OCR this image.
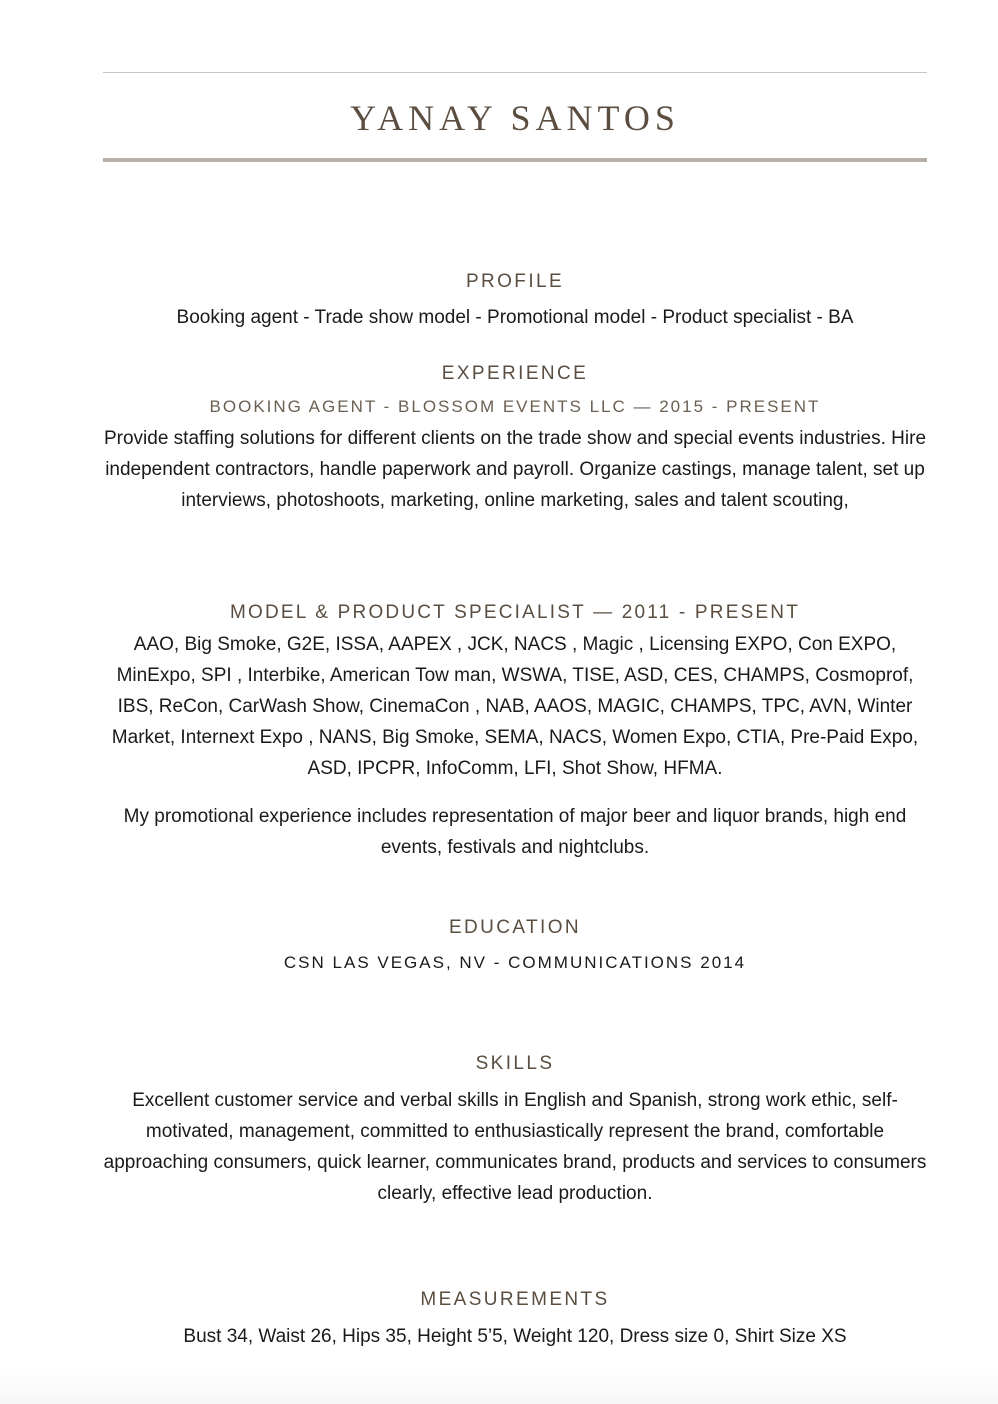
YANAY SANTOS
PROFILE

Booking agent - Trade show model - Promotional model - Product specialist - BA

EXPERIENCE

BOOKING AGENT - BLOSSOM EVENTS LLC — 2015 - PRESENT

Provide staffing solutions for different clients on the trade show and special events industries. Hire independent contractors, handle paperwork and payroll. Organize castings, manage talent, set up interviews, photoshoots, marketing, online marketing, sales and talent scouting,

MODEL & PRODUCT SPECIALIST — 2011 - PRESENT

AAO, Big Smoke, G2E, ISSA, AAPEX , JCK, NACS , Magic , Licensing EXPO, Con EXPO, MinExpo, SPI , Interbike, American Tow man, WSWA, TISE, ASD, CES, CHAMPS, Cosmoprof, IBS, ReCon, CarWash Show, CinemaCon , NAB, AAOS, MAGIC, CHAMPS, TPC, AVN, Winter Market, Internext Expo , NANS, Big Smoke, SEMA, NACS, Women Expo, CTIA, Pre-Paid Expo, ASD, IPCPR, InfoComm, LFI, Shot Show, HFMA.

My promotional experience includes representation of major beer and liquor brands, high end events, festivals and nightclubs.

EDUCATION

CSN LAS VEGAS, NV - COMMUNICATIONS 2014

SKILLS

Excellent customer service and verbal skills in English and Spanish, strong work ethic, self-motivated, management, committed to enthusiastically represent the brand, comfortable approaching consumers, quick learner, communicates brand, products and services to consumers clearly, effective lead production.

MEASUREMENTS

Bust 34, Waist 26, Hips 35, Height 5’5, Weight 120, Dress size 0, Shirt Size XS
